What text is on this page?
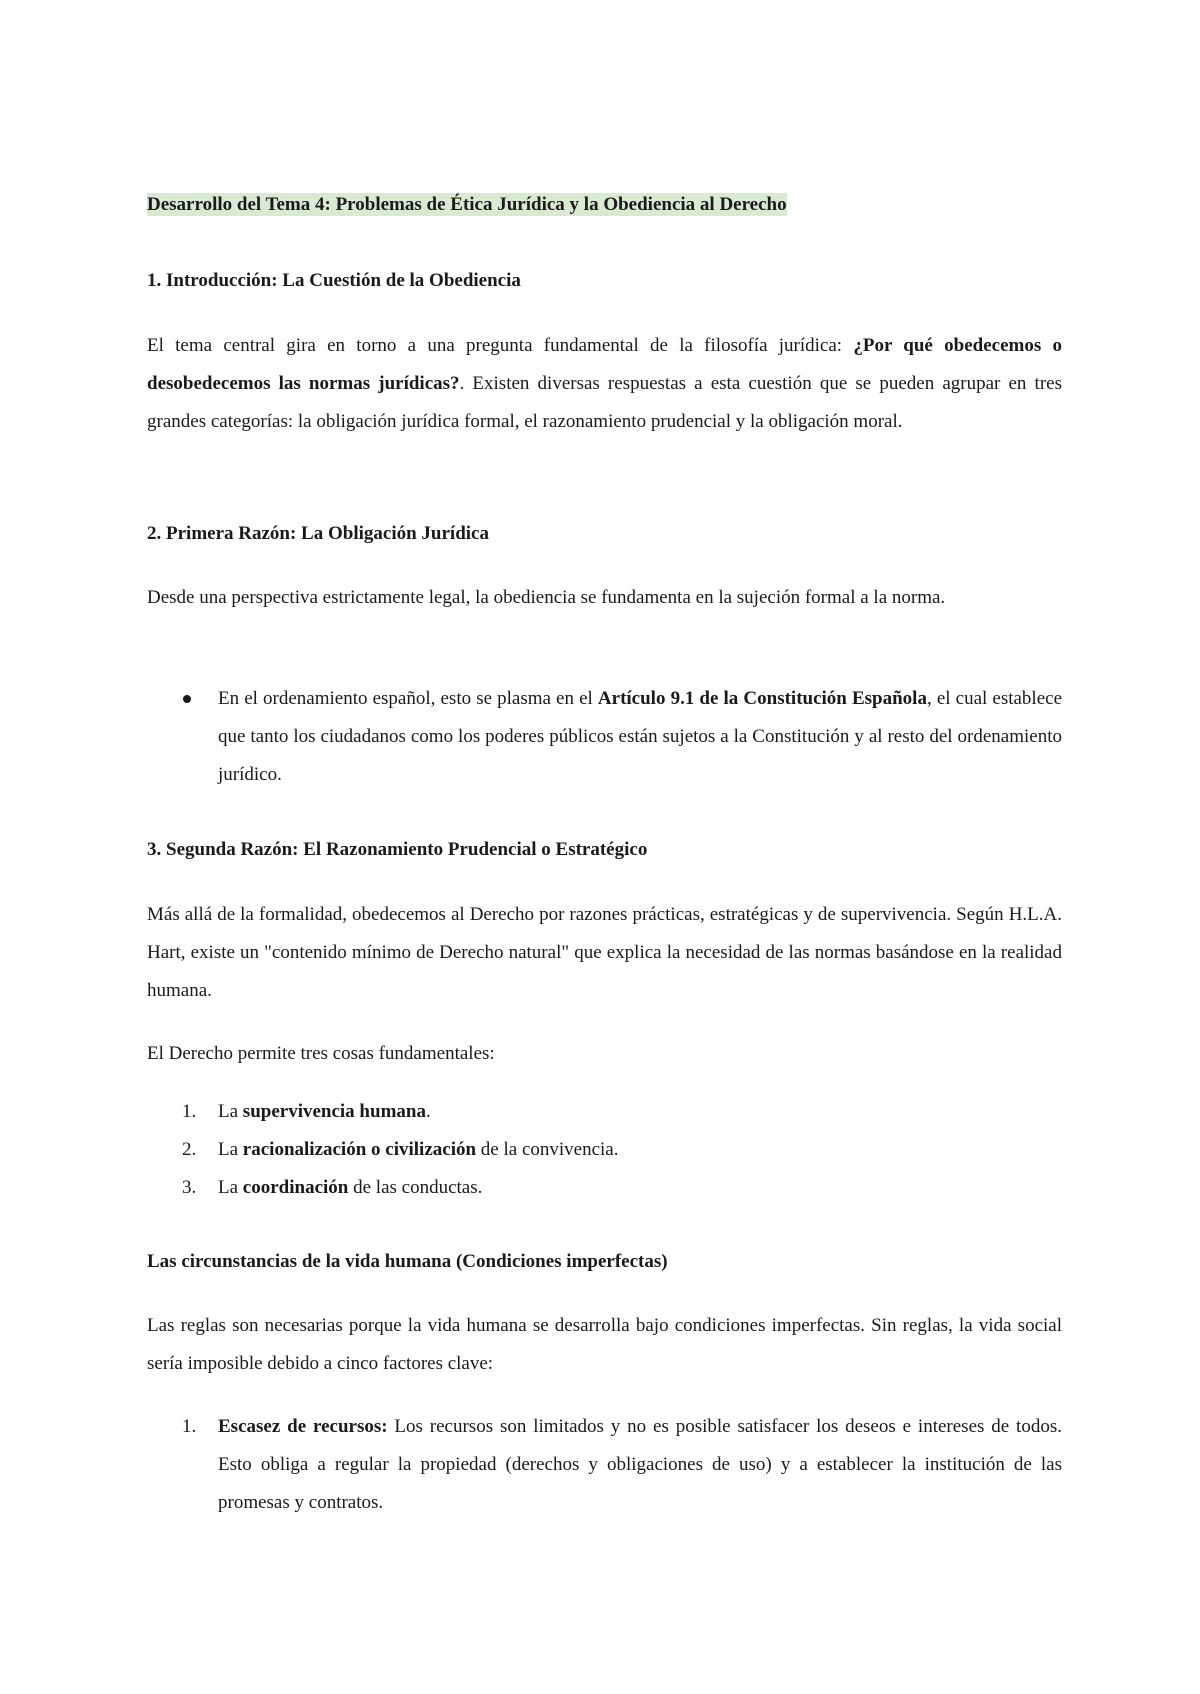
Desarrollo del Tema 4: Problemas de Ética Jurídica y la Obediencia al Derecho

1. Introducción: La Cuestión de la Obediencia

El tema central gira en torno a una pregunta fundamental de la filosofía jurídica: ¿Por qué obedecemos o desobedecemos las normas jurídicas?. Existen diversas respuestas a esta cuestión que se pueden agrupar en tres grandes categorías: la obligación jurídica formal, el razonamiento prudencial y la obligación moral.

2. Primera Razón: La Obligación Jurídica

Desde una perspectiva estrictamente legal, la obediencia se fundamenta en la sujeción formal a la norma.

En el ordenamiento español, esto se plasma en el Artículo 9.1 de la Constitución Española, el cual establece que tanto los ciudadanos como los poderes públicos están sujetos a la Constitución y al resto del ordenamiento jurídico.

3. Segunda Razón: El Razonamiento Prudencial o Estratégico

Más allá de la formalidad, obedecemos al Derecho por razones prácticas, estratégicas y de supervivencia. Según H.L.A. Hart, existe un "contenido mínimo de Derecho natural" que explica la necesidad de las normas basándose en la realidad humana.

El Derecho permite tres cosas fundamentales:

1.	La supervivencia humana.
2.	La racionalización o civilización de la convivencia.
3.	La coordinación de las conductas.

Las circunstancias de la vida humana (Condiciones imperfectas)

Las reglas son necesarias porque la vida humana se desarrolla bajo condiciones imperfectas. Sin reglas, la vida social sería imposible debido a cinco factores clave:

1.	Escasez de recursos: Los recursos son limitados y no es posible satisfacer los deseos e intereses de todos. Esto obliga a regular la propiedad (derechos y obligaciones de uso) y a establecer la institución de las promesas y contratos.
